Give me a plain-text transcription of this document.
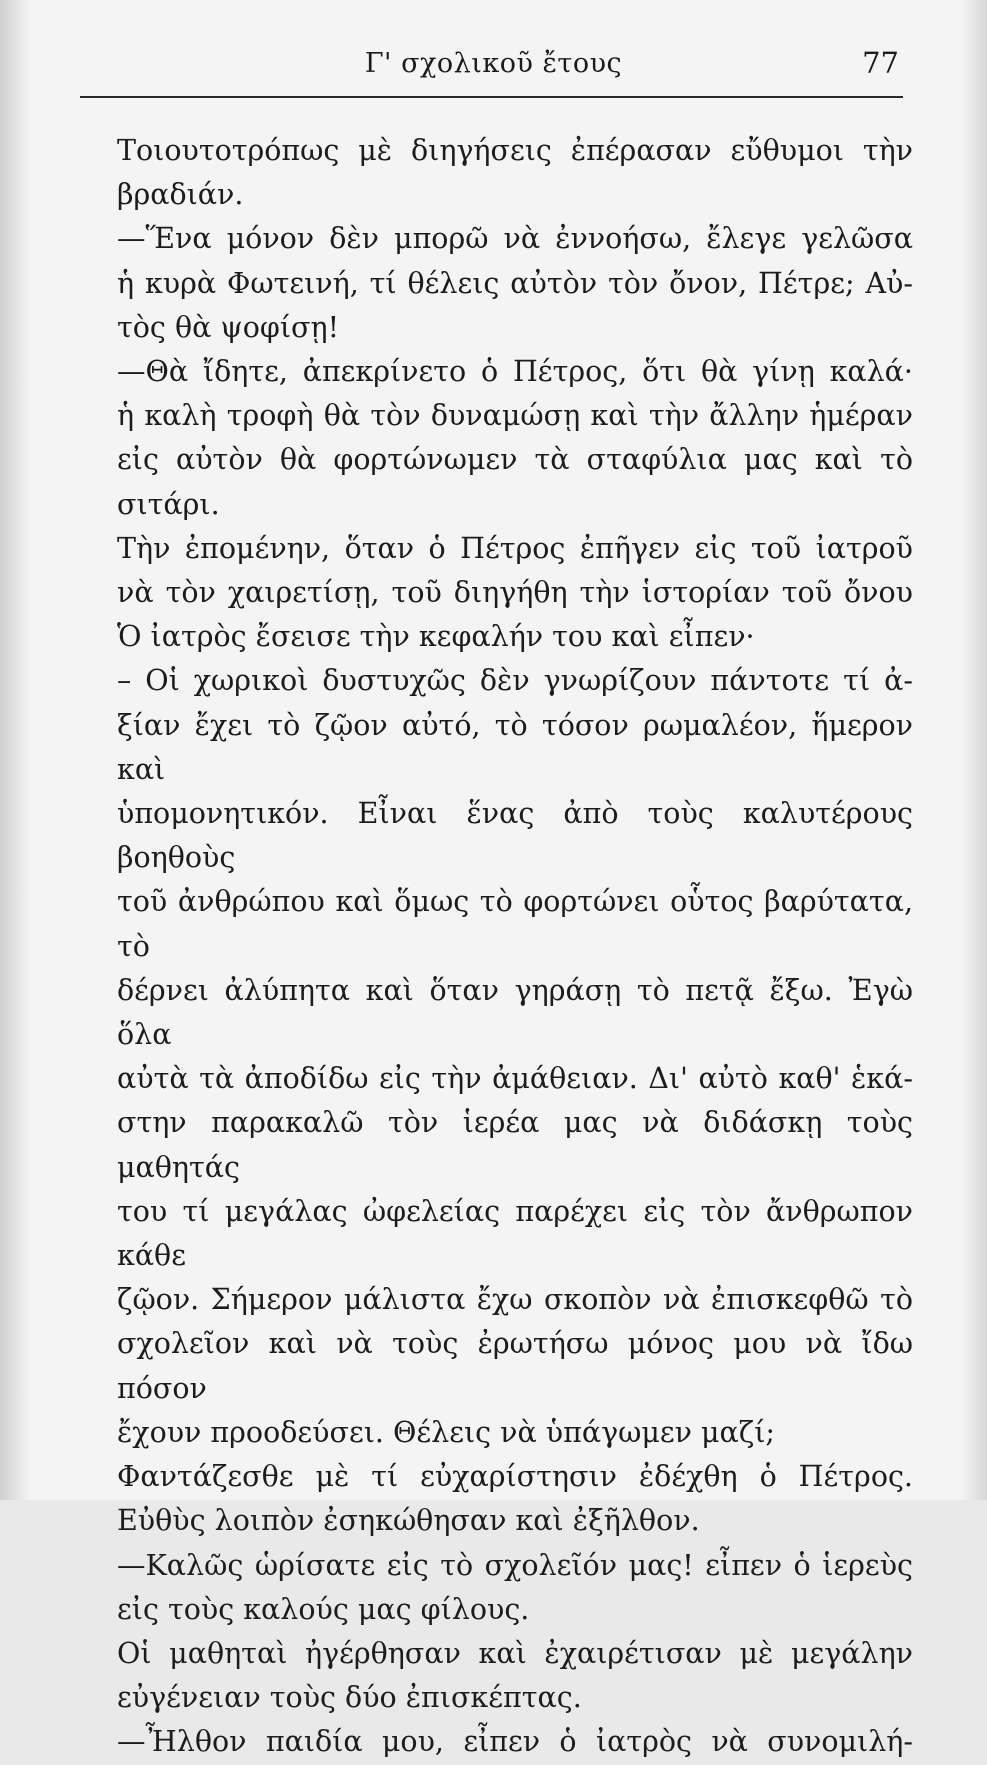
Γ' σχολικοῦ ἔτους	77
Τοιουτοτρόπως μὲ διηγήσεις ἐπέρασαν εὔθυμοι τὴν
βραδιάν.
—Ἕνα μόνον δὲν μπορῶ νὰ ἐννοήσω, ἔλεγε γελῶσα
ἡ κυρὰ Φωτεινή, τί θέλεις αὐτὸν τὸν ὄνον, Πέτρε; Αὐ-
τὸς θὰ ψοφίσῃ!
—Θὰ ἴδητε, ἀπεκρίνετο ὁ Πέτρος, ὅτι θὰ γίνῃ καλά·
ἡ καλὴ τροφὴ θὰ τὸν δυναμώσῃ καὶ τὴν ἄλλην ἡμέραν
εἰς αὐτὸν θὰ φορτώνωμεν τὰ σταφύλια μας καὶ τὸ σιτάρι.
Τὴν ἐπομένην, ὅταν ὁ Πέτρος ἐπῆγεν εἰς τοῦ ἰατροῦ
νὰ τὸν χαιρετίσῃ, τοῦ διηγήθη τὴν ἱστορίαν τοῦ ὄνου
Ὁ ἰατρὸς ἔσεισε τὴν κεφαλήν του καὶ εἶπεν·
– Οἱ χωρικοὶ δυστυχῶς δὲν γνωρίζουν πάντοτε τί ἀ-
ξίαν ἔχει τὸ ζῷον αὐτό, τὸ τόσον ρωμαλέον, ἥμερον καὶ
ὑπομονητικόν. Εἶναι ἕνας ἀπὸ τοὺς καλυτέρους βοηθοὺς
τοῦ ἀνθρώπου καὶ ὅμως τὸ φορτώνει οὗτος βαρύτατα, τὸ
δέρνει ἀλύπητα καὶ ὅταν γηράσῃ τὸ πετᾷ ἔξω. Ἐγὼ ὅλα
αὐτὰ τὰ ἀποδίδω εἰς τὴν ἀμάθειαν. Δι' αὐτὸ καθ' ἑκά-
στην παρακαλῶ τὸν ἱερέα μας νὰ διδάσκῃ τοὺς μαθητάς
του τί μεγάλας ὠφελείας παρέχει εἰς τὸν ἄνθρωπον κάθε
ζῷον. Σήμερον μάλιστα ἔχω σκοπὸν νὰ ἐπισκεφθῶ τὸ
σχολεῖον καὶ νὰ τοὺς ἐρωτήσω μόνος μου νὰ ἴδω πόσον
ἔχουν προοδεύσει. Θέλεις νὰ ὑπάγωμεν μαζί;
Φαντάζεσθε μὲ τί εὐχαρίστησιν ἐδέχθη ὁ Πέτρος.
Εὐθὺς λοιπὸν ἐσηκώθησαν καὶ ἐξῆλθον.
—Καλῶς ὡρίσατε εἰς τὸ σχολεῖόν μας! εἶπεν ὁ ἱερεὺς
εἰς τοὺς καλούς μας φίλους.
Οἱ μαθηταὶ ἠγέρθησαν καὶ ἐχαιρέτισαν μὲ μεγάλην
εὐγένειαν τοὺς δύο ἐπισκέπτας.
—Ἦλθον παιδία μου, εἶπεν ὁ ἰατρὸς νὰ συνομιλή-
